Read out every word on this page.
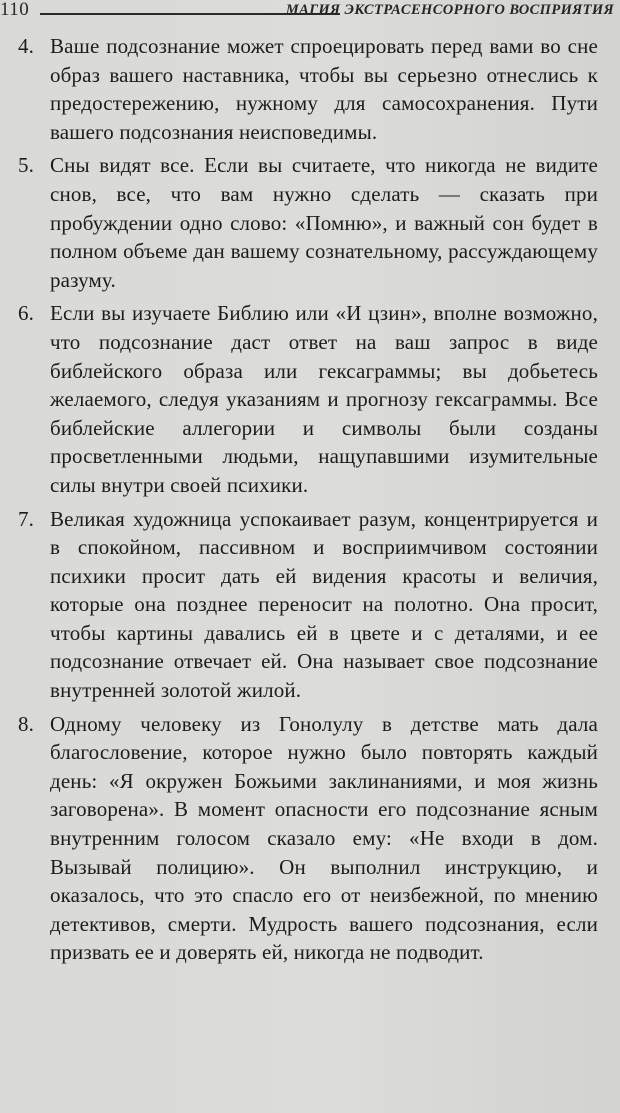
110	МАГИЯ ЭКСТРАСЕНСОРНОГО ВОСПРИЯТИЯ
4. Ваше подсознание может спроецировать перед вами во сне образ вашего наставника, чтобы вы серьезно отнеслись к предостережению, нужному для самосохранения. Пути вашего подсознания неисповедимы.
5. Сны видят все. Если вы считаете, что никогда не видите снов, все, что вам нужно сделать — сказать при пробуждении одно слово: «Помню», и важный сон будет в полном объеме дан вашему сознательному, рассуждающему разуму.
6. Если вы изучаете Библию или «И цзин», вполне возможно, что подсознание даст ответ на ваш запрос в виде библейского образа или гексаграммы; вы добьетесь желаемого, следуя указаниям и прогнозу гексаграммы. Все библейские аллегории и символы были созданы просветленными людьми, нащупавшими изумительные силы внутри своей психики.
7. Великая художница успокаивает разум, концентрируется и в спокойном, пассивном и восприимчивом состоянии психики просит дать ей видения красоты и величия, которые она позднее переносит на полотно. Она просит, чтобы картины давались ей в цвете и с деталями, и ее подсознание отвечает ей. Она называет свое подсознание внутренней золотой жилой.
8. Одному человеку из Гонолулу в детстве мать дала благословение, которое нужно было повторять каждый день: «Я окружен Божьими заклинаниями, и моя жизнь заговорена». В момент опасности его подсознание ясным внутренним голосом сказало ему: «Не входи в дом. Вызывай полицию». Он выполнил инструкцию, и оказалось, что это спасло его от неизбежной, по мнению детективов, смерти. Мудрость вашего подсознания, если призвать ее и доверять ей, никогда не подводит.
